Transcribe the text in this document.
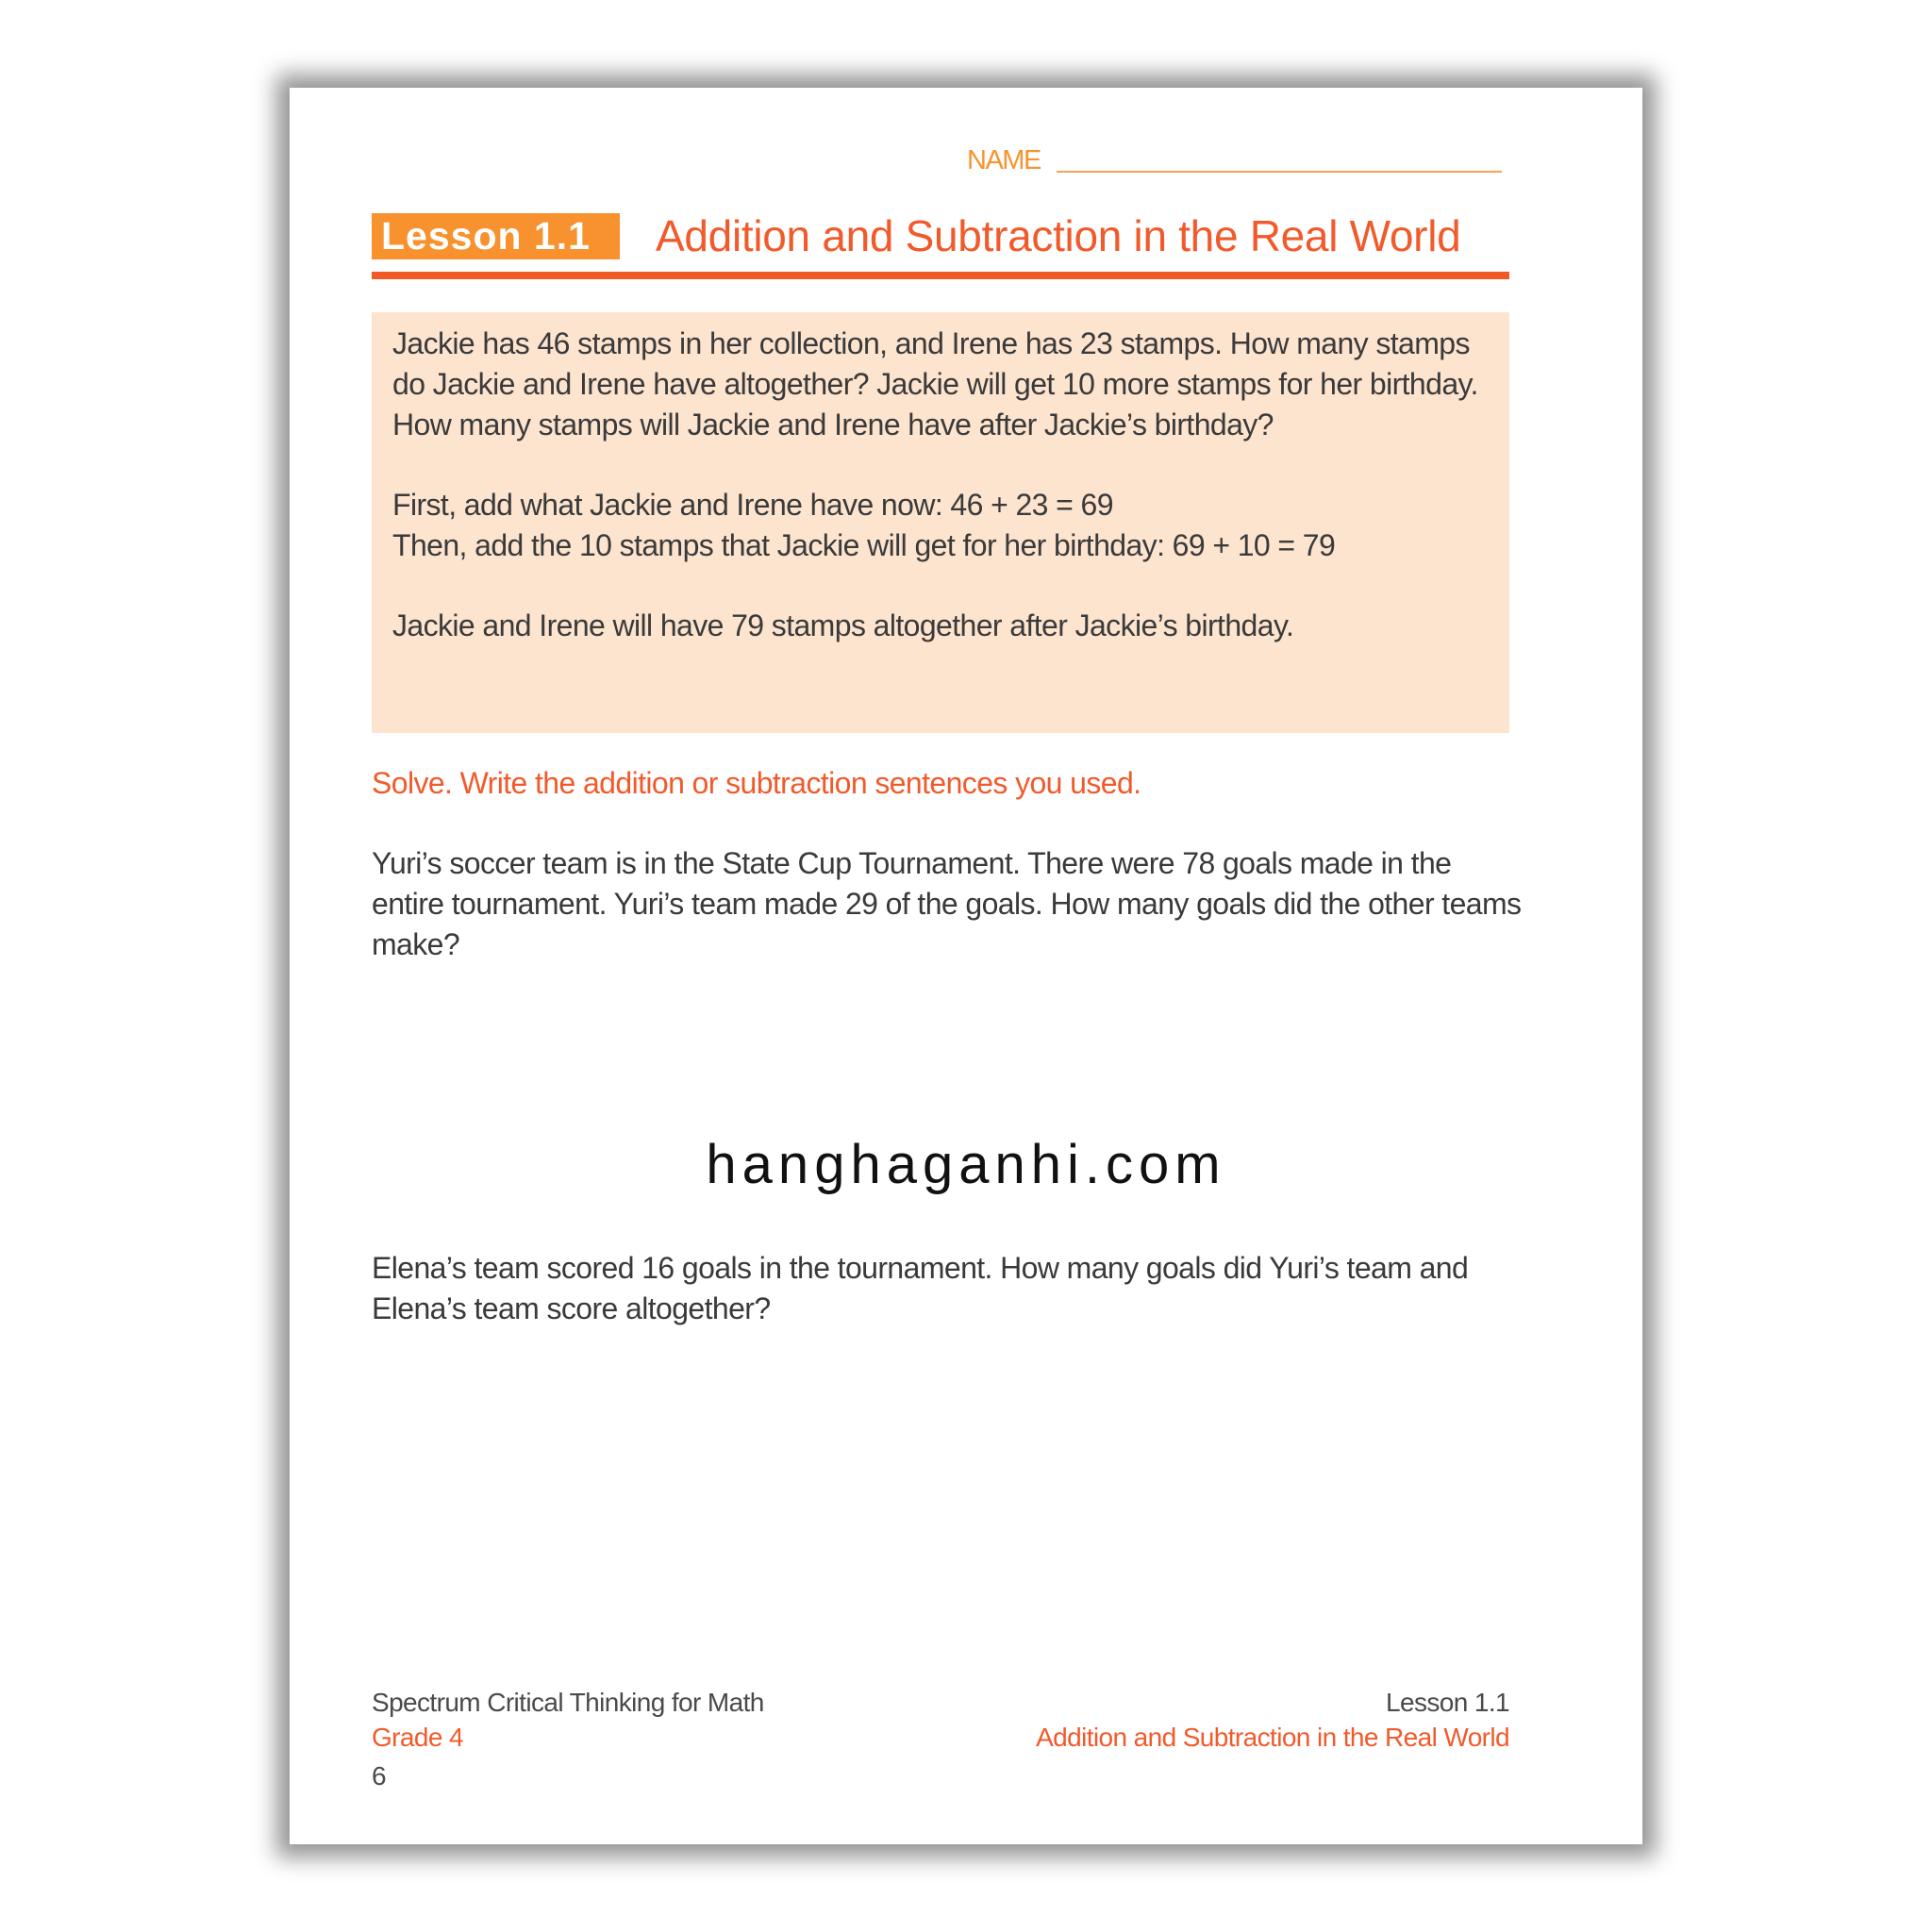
NAME
Lesson 1.1	Addition and Subtraction in the Real World

Jackie has 46 stamps in her collection, and Irene has 23 stamps. How many stamps do Jackie and Irene have altogether? Jackie will get 10 more stamps for her birthday. How many stamps will Jackie and Irene have after Jackie’s birthday?

First, add what Jackie and Irene have now: 46 + 23 = 69

Then, add the 10 stamps that Jackie will get for her birthday: 69 + 10 = 79

Jackie and Irene will have 79 stamps altogether after Jackie’s birthday.

Solve. Write the addition or subtraction sentences you used.
Yuri’s soccer team is in the State Cup Tournament. There were 78 goals made in the entire tournament. Yuri’s team made 29 of the goals. How many goals did the other teams make?
hanghaganhi.com
Elena’s team scored 16 goals in the tournament. How many goals did Yuri’s team and Elena’s team score altogether?
Spectrum Critical Thinking for Math
Grade 4
6
Lesson 1.1
Addition and Subtraction in the Real World
